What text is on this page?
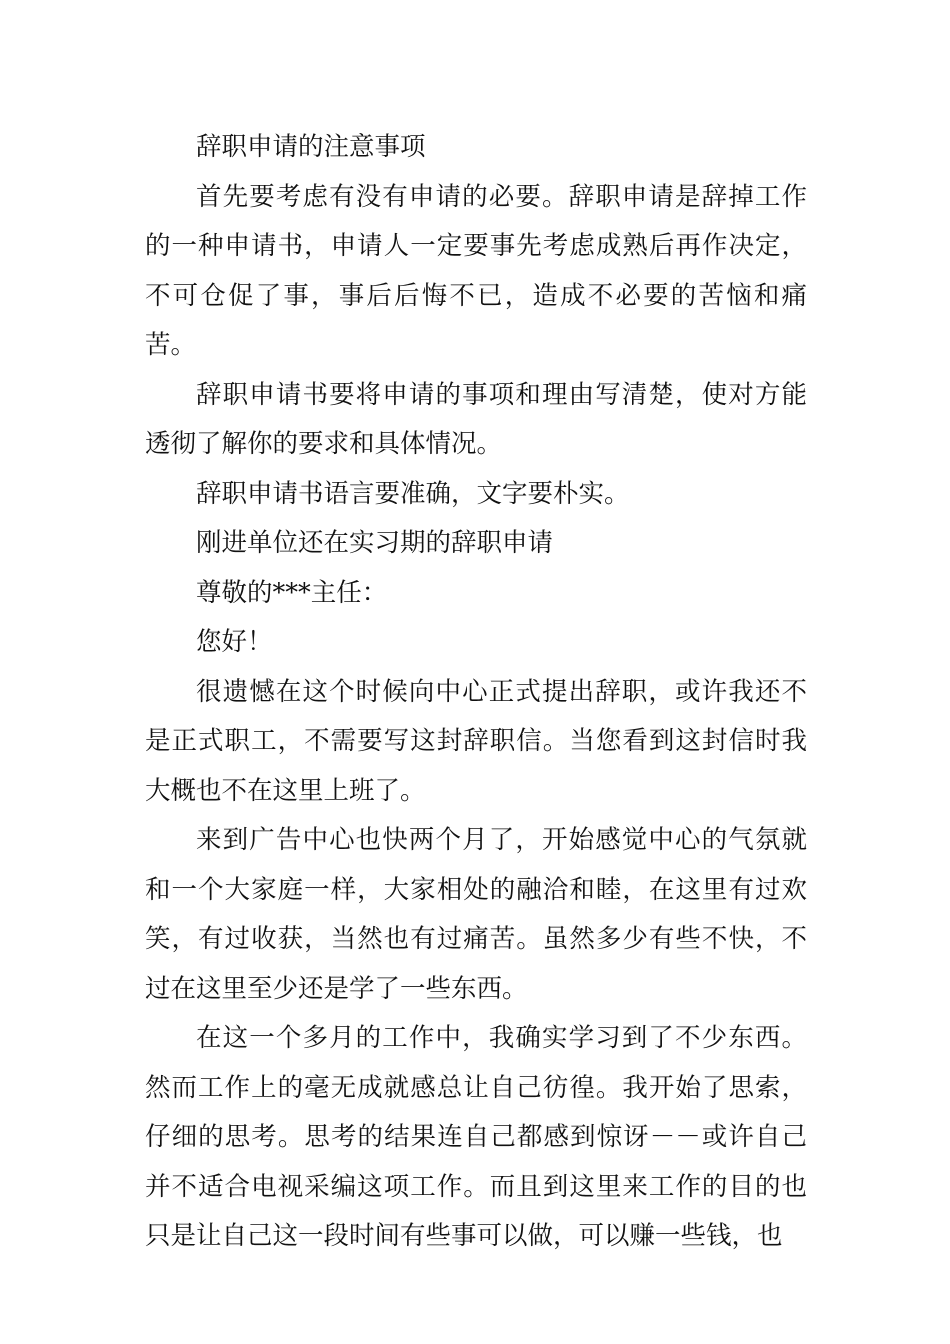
辞职申请的注意事项

首先要考虑有没有申请的必要。辞职申请是辞掉工作的一种申请书，申请人一定要事先考虑成熟后再作决定，不可仓促了事，事后后悔不已，造成不必要的苦恼和痛苦。

辞职申请书要将申请的事项和理由写清楚，使对方能透彻了解你的要求和具体情况。

辞职申请书语言要准确，文字要朴实。

刚进单位还在实习期的辞职申请

尊敬的***主任：

您好！

很遗憾在这个时候向中心正式提出辞职，或许我还不是正式职工，不需要写这封辞职信。当您看到这封信时我大概也不在这里上班了。

来到广告中心也快两个月了，开始感觉中心的气氛就和一个大家庭一样，大家相处的融洽和睦，在这里有过欢笑，有过收获，当然也有过痛苦。虽然多少有些不快，不过在这里至少还是学了一些东西。

在这一个多月的工作中，我确实学习到了不少东西。然而工作上的毫无成就感总让自己彷徨。我开始了思索，仔细的思考。思考的结果连自己都感到惊讶－－或许自己并不适合电视采编这项工作。而且到这里来工作的目的也只是让自己这一段时间有些事可以做，可以赚一些钱，也
